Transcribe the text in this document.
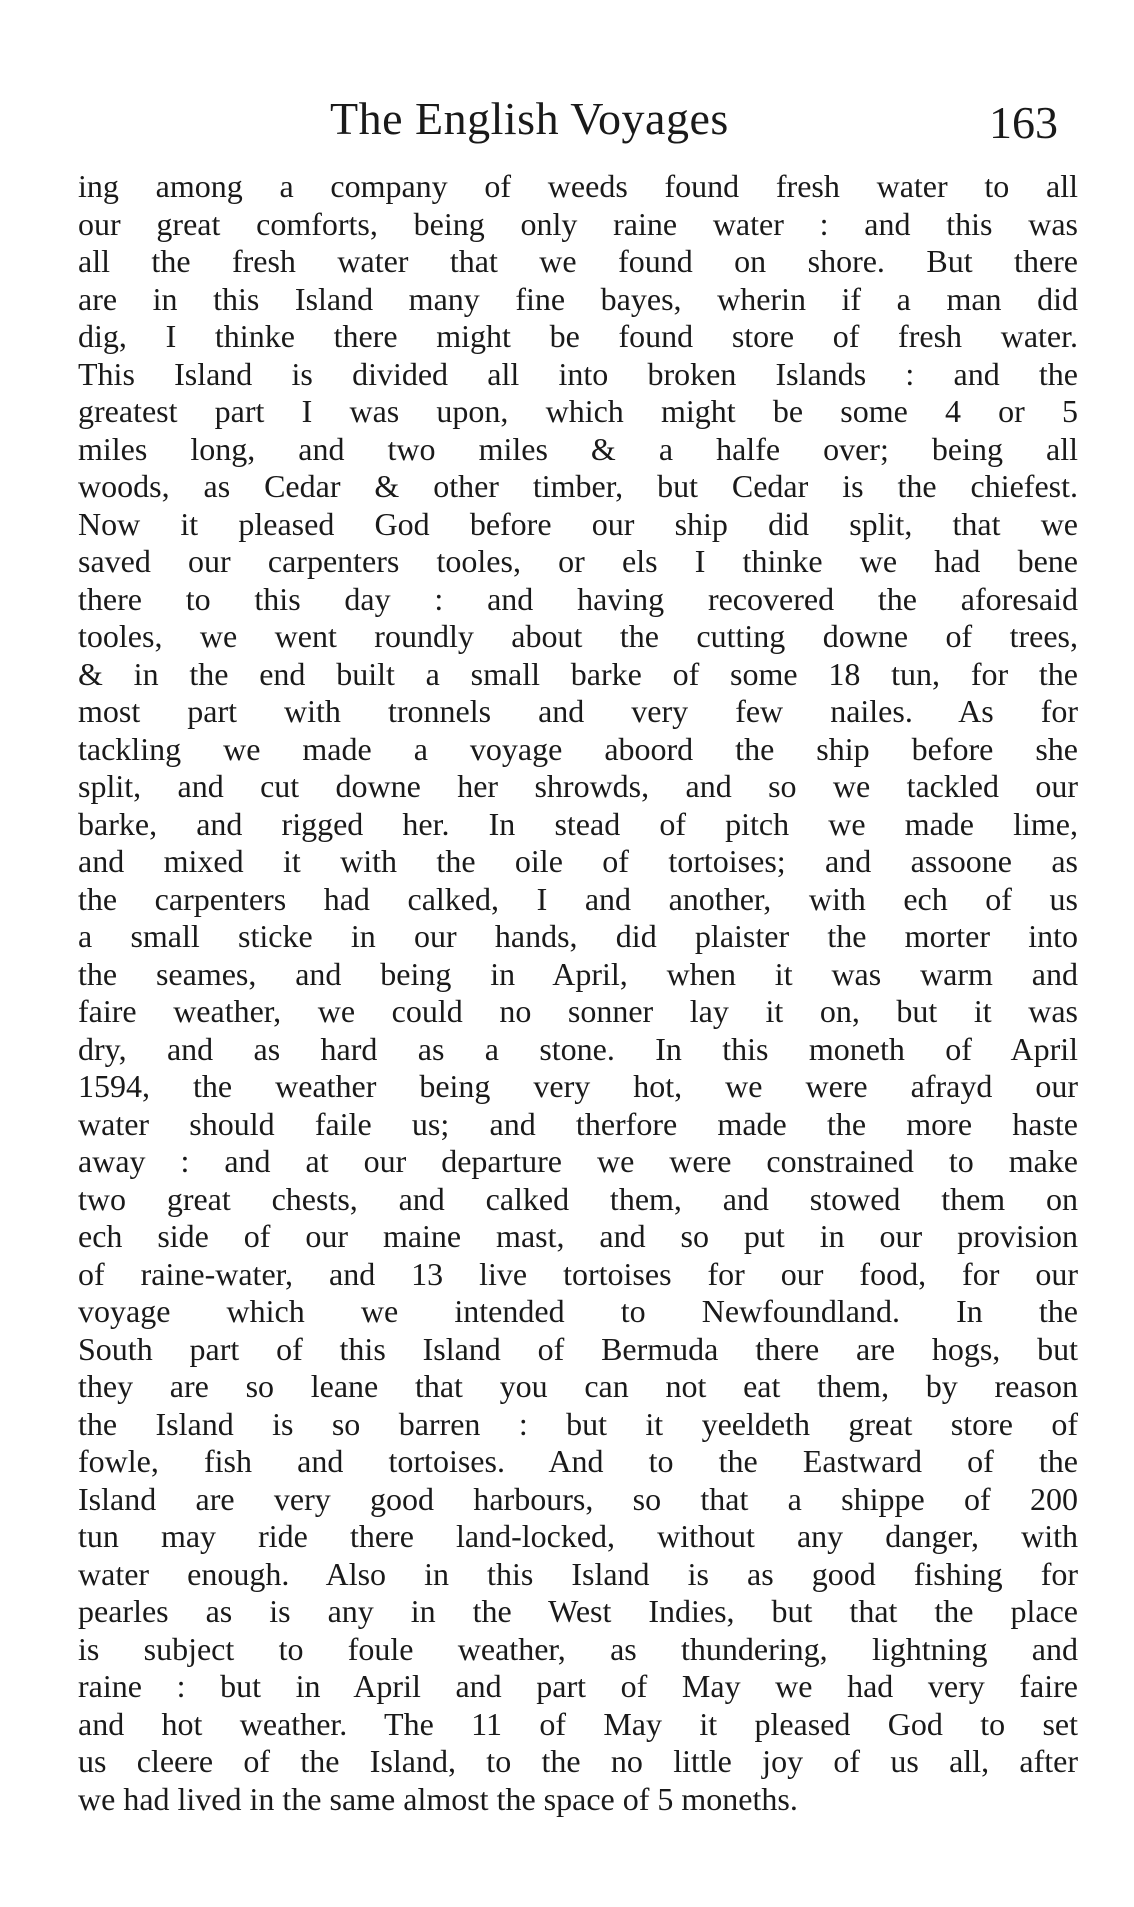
The English Voyages	163
ing among a company of weeds found fresh water to all
our great comforts, being only raine water : and this was
all the fresh water that we found on shore. But there
are in this Island many fine bayes, wherin if a man did
dig, I thinke there might be found store of fresh water.
This Island is divided all into broken Islands : and the
greatest part I was upon, which might be some 4 or 5
miles long, and two miles & a halfe over; being all
woods, as Cedar & other timber, but Cedar is the chiefest.
Now it pleased God before our ship did split, that we
saved our carpenters tooles, or els I thinke we had bene
there to this day : and having recovered the aforesaid
tooles, we went roundly about the cutting downe of trees,
& in the end built a small barke of some 18 tun, for the
most part with tronnels and very few nailes. As for
tackling we made a voyage aboord the ship before she
split, and cut downe her shrowds, and so we tackled our
barke, and rigged her. In stead of pitch we made lime,
and mixed it with the oile of tortoises; and assoone as
the carpenters had calked, I and another, with ech of us
a small sticke in our hands, did plaister the morter into
the seames, and being in April, when it was warm and
faire weather, we could no sonner lay it on, but it was
dry, and as hard as a stone. In this moneth of April
1594, the weather being very hot, we were afrayd our
water should faile us; and therfore made the more haste
away : and at our departure we were constrained to make
two great chests, and calked them, and stowed them on
ech side of our maine mast, and so put in our provision
of raine-water, and 13 live tortoises for our food, for our
voyage which we intended to Newfoundland. In the
South part of this Island of Bermuda there are hogs, but
they are so leane that you can not eat them, by reason
the Island is so barren : but it yeeldeth great store of
fowle, fish and tortoises. And to the Eastward of the
Island are very good harbours, so that a shippe of 200
tun may ride there land-locked, without any danger, with
water enough. Also in this Island is as good fishing for
pearles as is any in the West Indies, but that the place
is subject to foule weather, as thundering, lightning and
raine : but in April and part of May we had very faire
and hot weather. The 11 of May it pleased God to set
us cleere of the Island, to the no little joy of us all, after
we had lived in the same almost the space of 5 moneths.
